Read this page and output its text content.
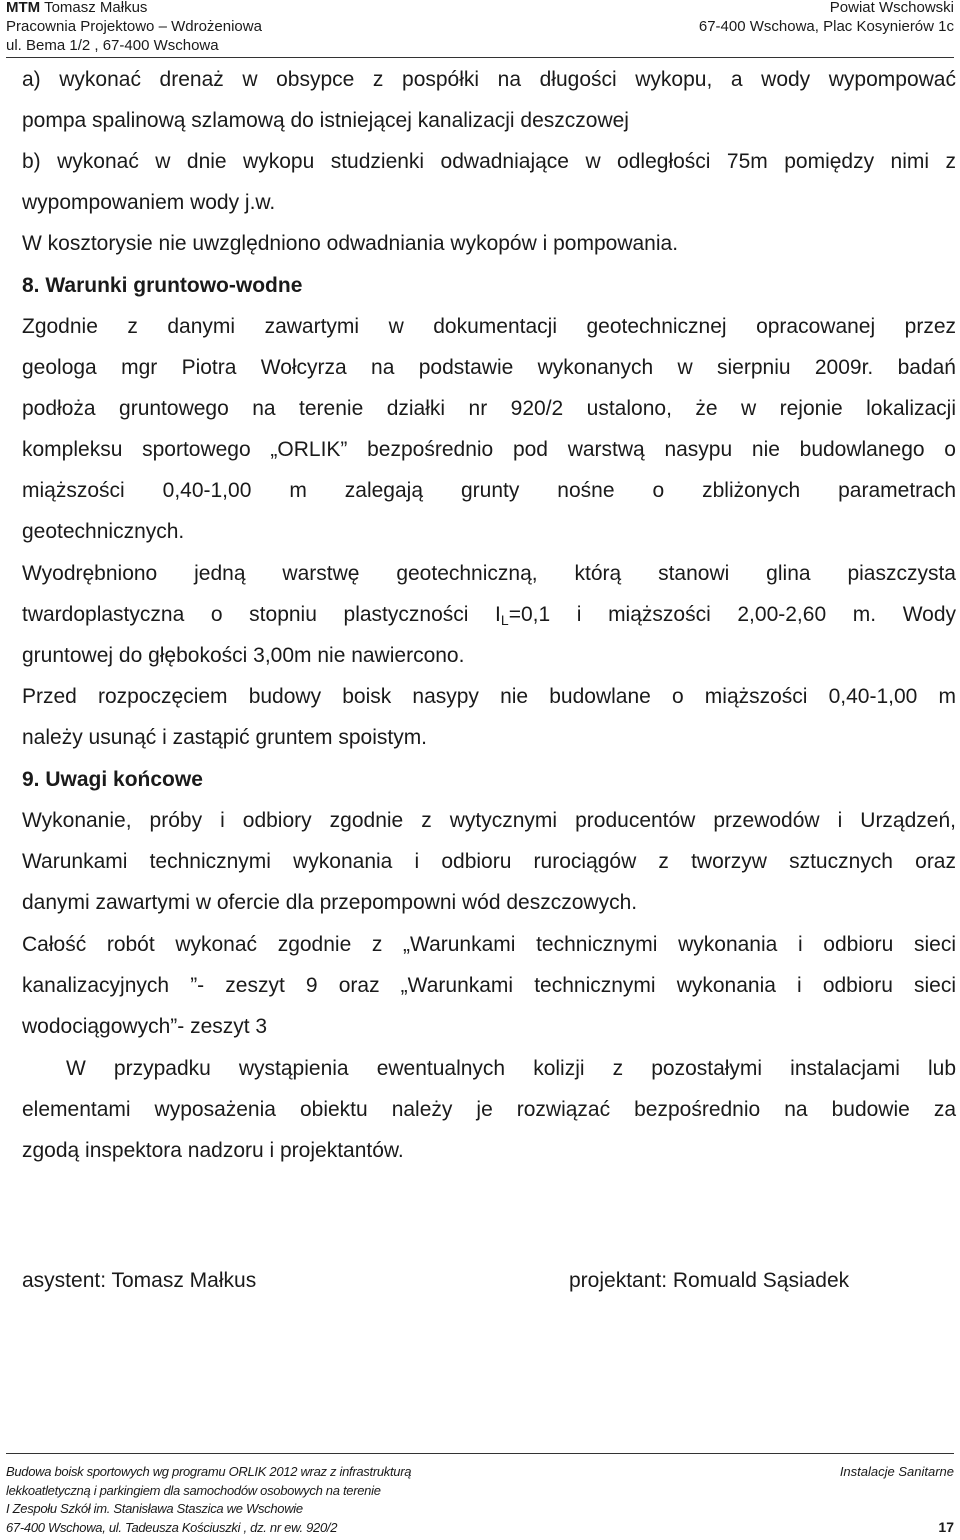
MTM Tomasz Małkus
Pracownia Projektowo – Wdrożeniowa
ul. Bema 1/2 , 67-400 Wschowa
Powiat Wschowski
67-400 Wschowa, Plac Kosynierów 1c
a) wykonać drenaż w obsypce z pospółki na długości wykopu, a wody wypompować
pompa spalinową szlamową do istniejącej kanalizacji deszczowej
b) wykonać w dnie wykopu studzienki odwadniające w odległości 75m pomiędzy nimi z
wypompowaniem wody j.w.
W kosztorysie nie uwzględniono odwadniania wykopów i pompowania.
8. Warunki gruntowo-wodne
Zgodnie z danymi zawartymi w dokumentacji geotechnicznej opracowanej przez
geologa mgr Piotra Wołcyrza na podstawie wykonanych w sierpniu 2009r. badań
podłoża gruntowego na terenie działki nr 920/2 ustalono, że w rejonie lokalizacji
kompleksu sportowego „ORLIK” bezpośrednio pod warstwą nasypu nie budowlanego o
miąższości 0,40-1,00 m zalegają grunty nośne o zbliżonych parametrach
geotechnicznych.
Wyodrębniono jedną warstwę geotechniczną, którą stanowi glina piaszczysta
twardoplastyczna o stopniu plastyczności $I_L=0,1$ i miąższości 2,00-2,60 m. Wody
gruntowej do głębokości 3,00m nie nawiercono.
Przed rozpoczęciem budowy boisk nasypy nie budowlane o miąższości 0,40-1,00 m
należy usunąć i zastąpić gruntem spoistym.
9. Uwagi końcowe
Wykonanie, próby i odbiory zgodnie z wytycznymi producentów przewodów i Urządzeń,
Warunkami technicznymi wykonania i odbioru rurociągów z tworzyw sztucznych oraz
danymi zawartymi w ofercie dla przepompowni wód deszczowych.
Całość robót wykonać zgodnie z „Warunkami technicznymi wykonania i odbioru sieci
kanalizacyjnych ”- zeszyt 9 oraz „Warunkami technicznymi wykonania i odbioru sieci
wodociągowych”- zeszyt 3
W przypadku wystąpienia ewentualnych kolizji z pozostałymi instalacjami lub
elementami wyposażenia obiektu należy je rozwiązać bezpośrednio na budowie za
zgodą inspektora nadzoru i projektantów.
asystent: Tomasz Małkus	projektant: Romuald Sąsiadek
Budowa boisk sportowych wg programu ORLIK 2012 wraz z infrastrukturą
lekkoatletyczną i parkingiem dla samochodów osobowych na terenie
I Zespołu Szkół im. Stanisława Staszica we Wschowie
67-400 Wschowa, ul. Tadeusza Kościuszki , dz. nr ew. 920/2
Instalacje Sanitarne
17
